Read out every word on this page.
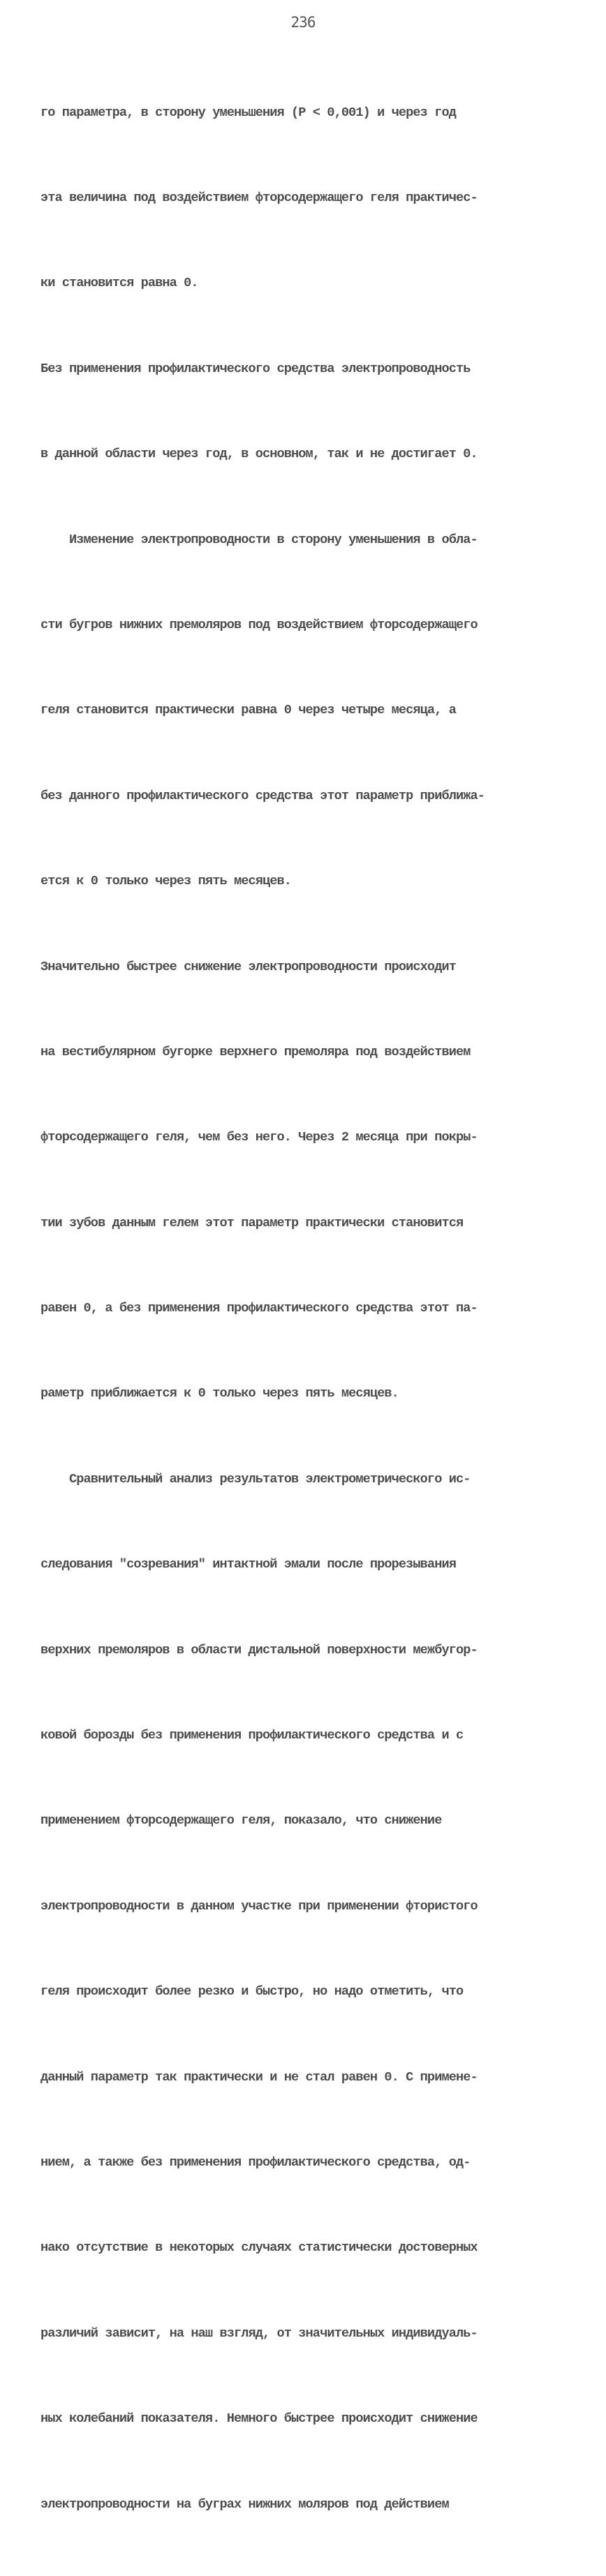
236

го параметра, в сторону уменьшения (P < 0,001) и через год

эта величина под воздействием фторсодержащего геля практичес-

ки становится равна 0.

Без применения профилактического средства электропроводность

в данной области через год, в основном, так и не достигает 0.

Изменение электропроводности в сторону уменьшения в обла-

сти бугров нижних премоляров под воздействием фторсодержащего

геля становится практически равна 0 через четыре месяца, а

без данного профилактического средства этот параметр приближа-

ется к 0 только через пять месяцев.

Значительно быстрее снижение электропроводности происходит

на вестибулярном бугорке верхнего премоляра под воздействием

фторсодержащего геля, чем без него. Через 2 месяца при покры-

тии зубов данным гелем этот параметр практически становится

равен 0, а без применения профилактического средства этот па-

раметр приближается к 0 только через пять месяцев.

Сравнительный анализ результатов электрометрического ис-

следования "созревания" интактной эмали после прорезывания

верхних премоляров в области дистальной поверхности межбугор-

ковой борозды без применения профилактического средства и с

применением фторсодержащего геля, показало, что снижение

электропроводности в данном участке при применении фтористого

геля происходит более резко и быстро, но надо отметить, что

данный параметр так практически и не стал равен 0. С примене-

нием, а также без применения профилактического средства, од-

нако отсутствие в некоторых случаях статистически достоверных

различий зависит, на наш взгляд, от значительных индивидуаль-

ных колебаний показателя. Немного быстрее происходит снижение

электропроводности на буграх нижних моляров под действием
